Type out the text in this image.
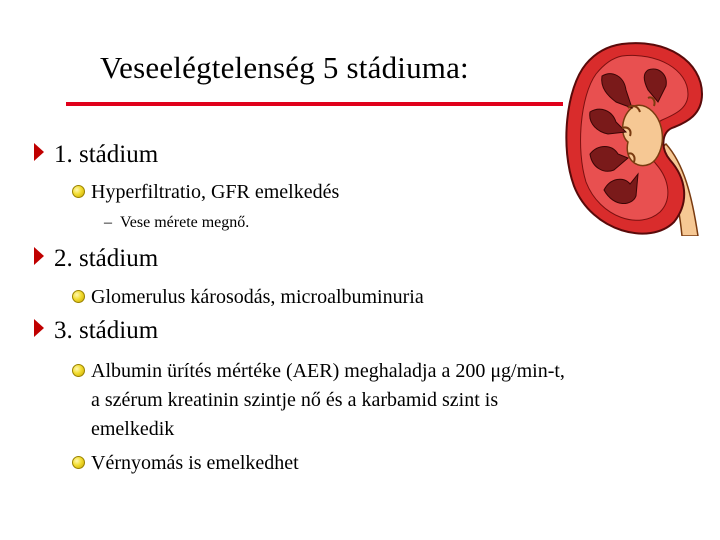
Veseelégtelenség 5 stádiuma:
1. stádium
Hyperfiltratio, GFR emelkedés
– Vese mérete megnő.
2. stádium
Glomerulus károsodás, microalbuminuria
3. stádium
Albumin ürítés mértéke (AER) meghaladja a 200 μg/min-t,
a szérum kreatinin szintje nő és a karbamid szint is
emelkedik
Vérnyomás is emelkedhet
